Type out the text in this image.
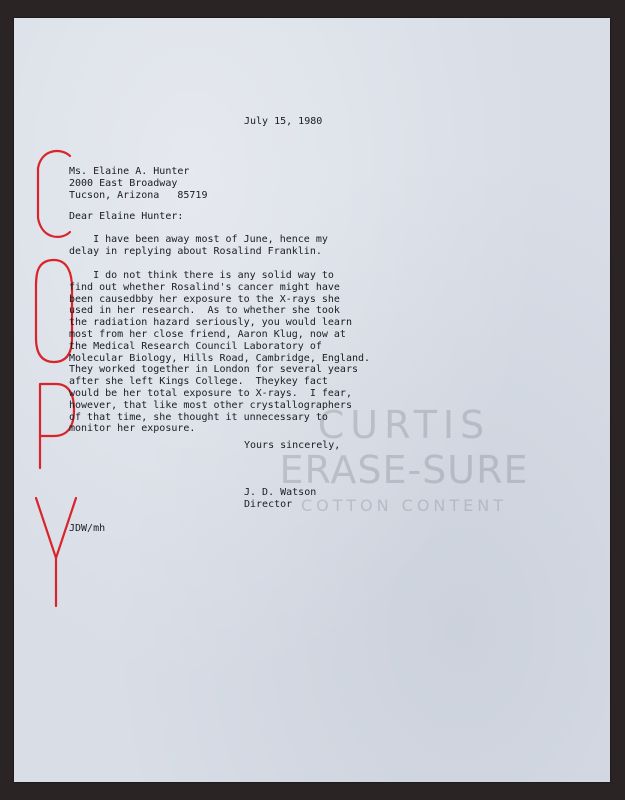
CURTIS
ERASE-SURE
COTTON CONTENT
July 15, 1980
Ms. Elaine A. Hunter
2000 East Broadway
Tucson, Arizona   85719
Dear Elaine Hunter:
I have been away most of June, hence my
delay in replying about Rosalind Franklin.
I do not think there is any solid way to
find out whether Rosalind's cancer might have
been causedbby her exposure to the X-rays she
used in her research.  As to whether she took
the radiation hazard seriously, you would learn
most from her close friend, Aaron Klug, now at
the Medical Research Council Laboratory of
Molecular Biology, Hills Road, Cambridge, England.
They worked together in London for several years
after she left Kings College.  Theykey fact
would be her total exposure to X-rays.  I fear,
however, that like most other crystallographers
of that time, she thought it unnecessary to
monitor her exposure.
Yours sincerely,
J. D. Watson
Director
JDW/mh
